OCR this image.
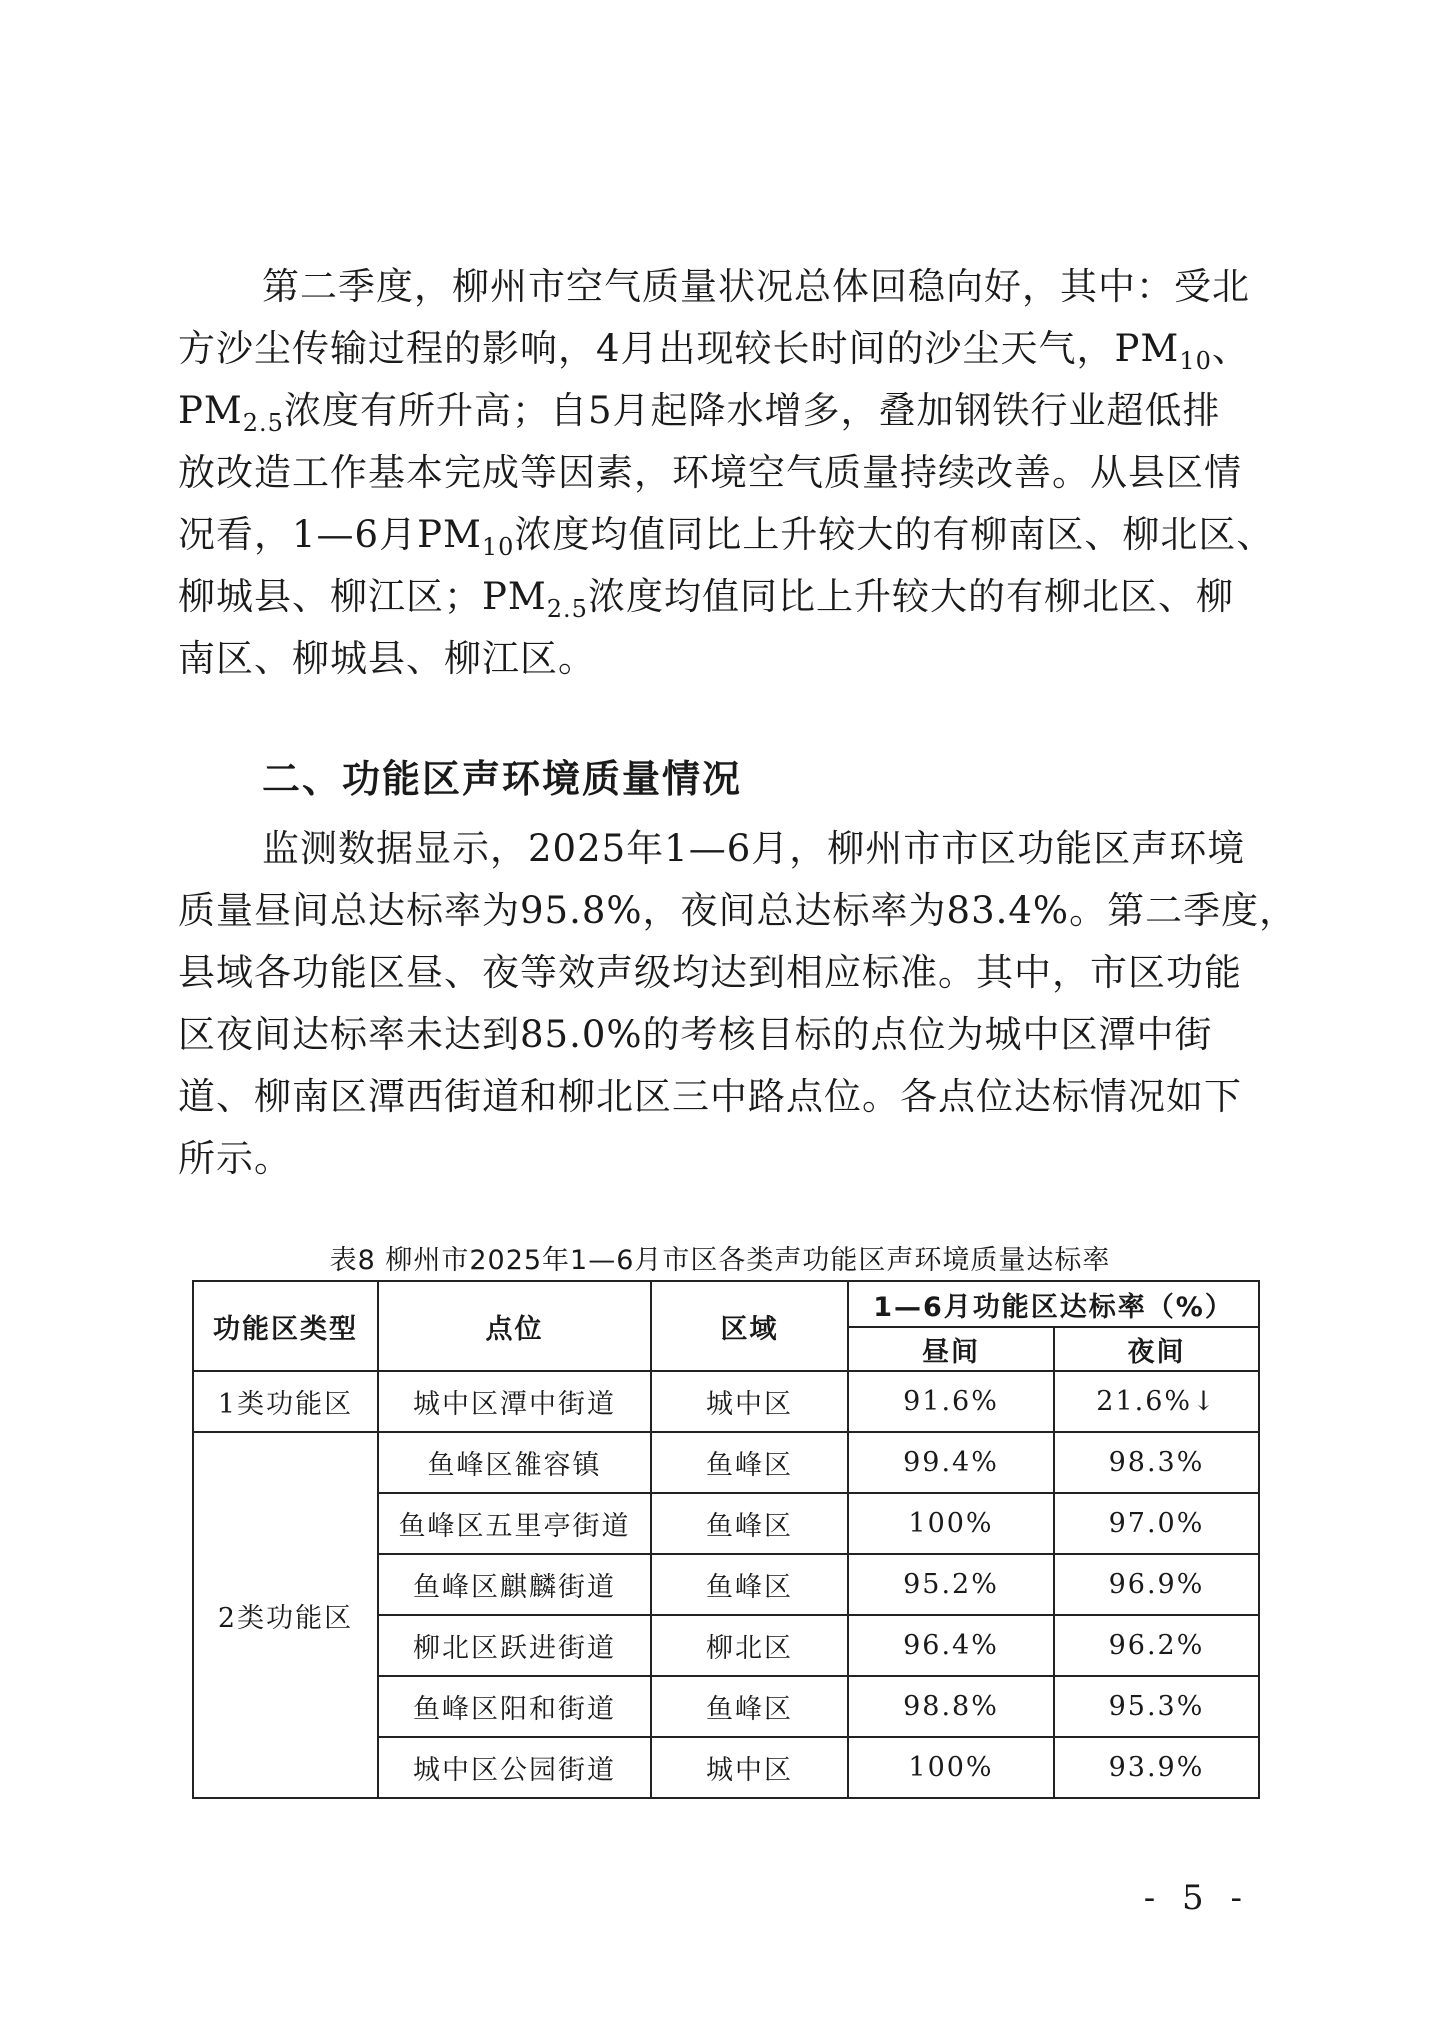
第二季度，柳州市空气质量状况总体回稳向好，其中：受北
方沙尘传输过程的影响，4月出现较长时间的沙尘天气，$PM_{10}$、
$PM_{2.5}$浓度有所升高；自5月起降水增多，叠加钢铁行业超低排
放改造工作基本完成等因素，环境空气质量持续改善。从县区情
况看，1—6月$PM_{10}$浓度均值同比上升较大的有柳南区、柳北区、
柳城县、柳江区；$PM_{2.5}$浓度均值同比上升较大的有柳北区、柳
南区、柳城县、柳江区。
二、功能区声环境质量情况
监测数据显示，2025年1—6月，柳州市市区功能区声环境
质量昼间总达标率为95.8%，夜间总达标率为83.4%。第二季度，
县域各功能区昼、夜等效声级均达到相应标准。其中，市区功能
区夜间达标率未达到85.0%的考核目标的点位为城中区潭中街
道、柳南区潭西街道和柳北区三中路点位。各点位达标情况如下
所示。
表8 柳州市2025年1—6月市区各类声功能区声环境质量达标率
功能区类型	点位	区域	1—6月功能区达标率（%）	
			昼间	夜间
1类功能区	城中区潭中街道	城中区	91.6%	21.6%↓
2类功能区	鱼峰区雒容镇	鱼峰区	99.4%	98.3%
	鱼峰区五里亭街道	鱼峰区	100%	97.0%
	鱼峰区麒麟街道	鱼峰区	95.2%	96.9%
	柳北区跃进街道	柳北区	96.4%	96.2%
	鱼峰区阳和街道	鱼峰区	98.8%	95.3%
	城中区公园街道	城中区	100%	93.9%
- 5 -
